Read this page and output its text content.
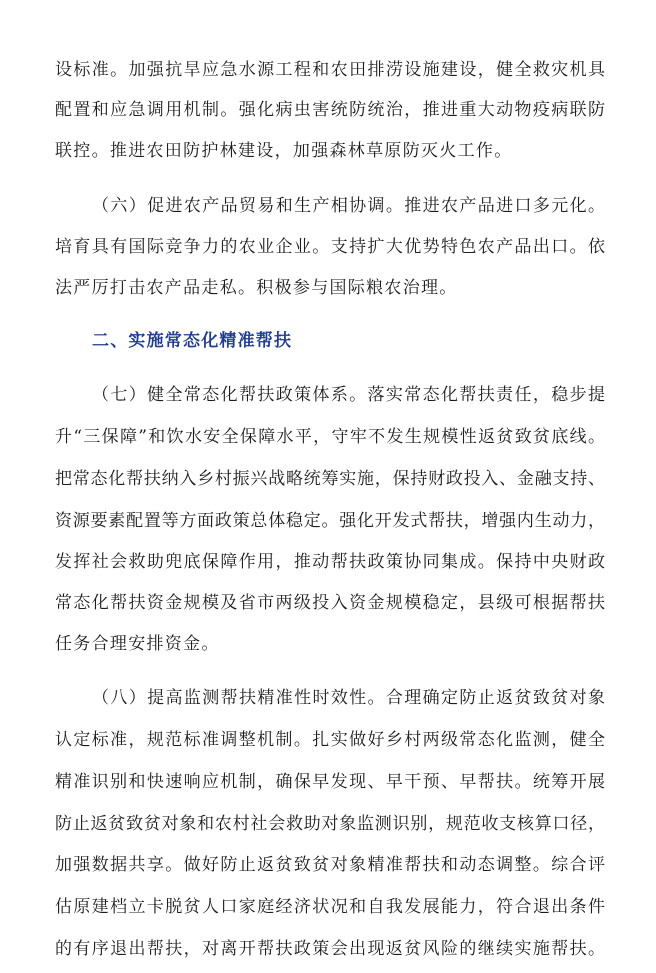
设标准。加强抗旱应急水源工程和农田排涝设施建设，健全救灾机具
配置和应急调用机制。强化病虫害统防统治，推进重大动物疫病联防
联控。推进农田防护林建设，加强森林草原防灭火工作。
（六）促进农产品贸易和生产相协调。推进农产品进口多元化。
培育具有国际竞争力的农业企业。支持扩大优势特色农产品出口。依
法严厉打击农产品走私。积极参与国际粮农治理。
二、实施常态化精准帮扶
（七）健全常态化帮扶政策体系。落实常态化帮扶责任，稳步提
升“三保障”和饮水安全保障水平，守牢不发生规模性返贫致贫底线。
把常态化帮扶纳入乡村振兴战略统筹实施，保持财政投入、金融支持、
资源要素配置等方面政策总体稳定。强化开发式帮扶，增强内生动力，
发挥社会救助兜底保障作用，推动帮扶政策协同集成。保持中央财政
常态化帮扶资金规模及省市两级投入资金规模稳定，县级可根据帮扶
任务合理安排资金。
（八）提高监测帮扶精准性时效性。合理确定防止返贫致贫对象
认定标准，规范标准调整机制。扎实做好乡村两级常态化监测，健全
精准识别和快速响应机制，确保早发现、早干预、早帮扶。统筹开展
防止返贫致贫对象和农村社会救助对象监测识别，规范收支核算口径，
加强数据共享。做好防止返贫致贫对象精准帮扶和动态调整。综合评
估原建档立卡脱贫人口家庭经济状况和自我发展能力，符合退出条件
的有序退出帮扶，对离开帮扶政策会出现返贫风险的继续实施帮扶。
